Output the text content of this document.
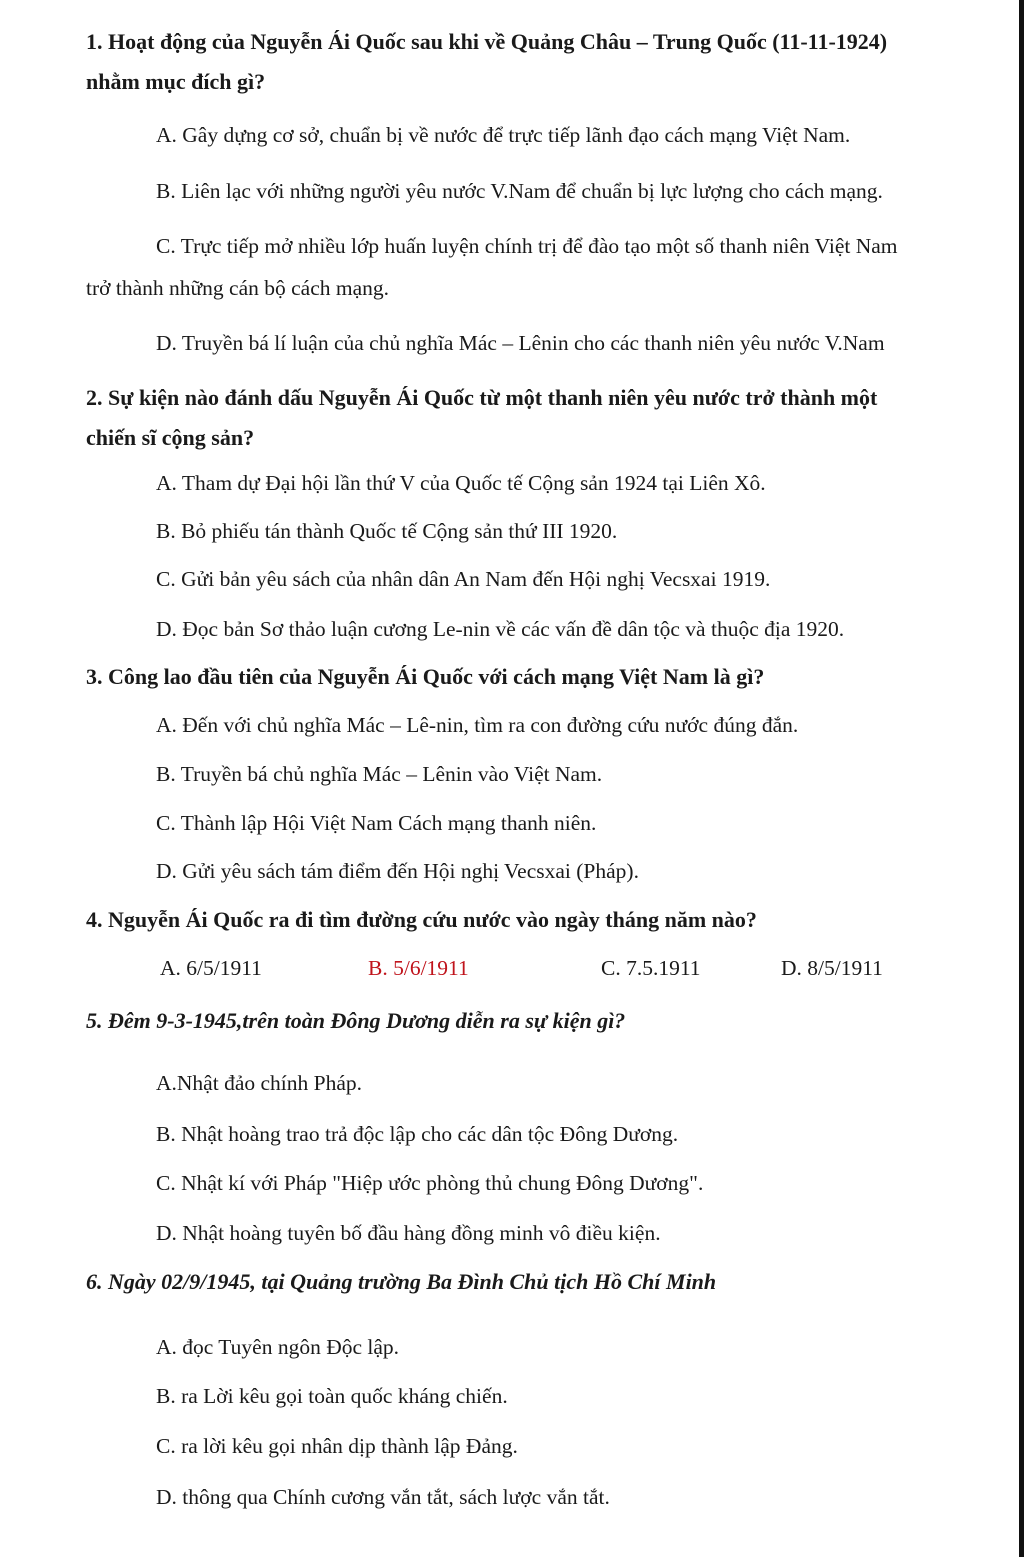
1. Hoạt động của Nguyễn Ái Quốc sau khi về Quảng Châu – Trung Quốc (11-11-1924)
nhằm mục đích gì?
A. Gây dựng cơ sở, chuẩn bị về nước để trực tiếp lãnh đạo cách mạng Việt Nam.
B. Liên lạc với những người yêu nước V.Nam để chuẩn bị lực lượng cho cách mạng.
C. Trực tiếp mở nhiều lớp huấn luyện chính trị để đào tạo một số thanh niên Việt Nam
trở thành những cán bộ cách mạng.
D. Truyền bá lí luận của chủ nghĩa Mác – Lênin cho các thanh niên yêu nước V.Nam
2. Sự kiện nào đánh dấu Nguyễn Ái Quốc từ một thanh niên yêu nước trở thành một
chiến sĩ cộng sản?
A. Tham dự Đại hội lần thứ V của Quốc tế Cộng sản 1924 tại Liên Xô.
B. Bỏ phiếu tán thành Quốc tế Cộng sản thứ III 1920.
C. Gửi bản yêu sách của nhân dân An Nam đến Hội nghị Vecsxai 1919.
D. Đọc bản Sơ thảo luận cương Le-nin về các vấn đề dân tộc và thuộc địa 1920.
3. Công lao đầu tiên của Nguyễn Ái Quốc với cách mạng Việt Nam là gì?
A. Đến với chủ nghĩa Mác – Lê-nin, tìm ra con đường cứu nước đúng đắn.
B. Truyền bá chủ nghĩa Mác – Lênin vào Việt Nam.
C. Thành lập Hội Việt Nam Cách mạng thanh niên.
D. Gửi yêu sách tám điểm đến Hội nghị Vecsxai (Pháp).
4. Nguyễn Ái Quốc ra đi tìm đường cứu nước vào ngày tháng năm nào?
A. 6/5/1911	B. 5/6/1911	C. 7.5.1911	D. 8/5/1911
5. Đêm 9-3-1945,trên toàn Đông Dương diễn ra sự kiện gì?
A.Nhật đảo chính Pháp.
B. Nhật hoàng trao trả độc lập cho các dân tộc Đông Dương.
C. Nhật kí với Pháp "Hiệp ước phòng thủ chung Đông Dương".
D. Nhật hoàng tuyên bố đầu hàng đồng minh vô điều kiện.
6. Ngày 02/9/1945, tại Quảng trường Ba Đình Chủ tịch Hồ Chí Minh
A. đọc Tuyên ngôn Độc lập.
B. ra Lời kêu gọi toàn quốc kháng chiến.
C. ra lời kêu gọi nhân dịp thành lập Đảng.
D. thông qua Chính cương vắn tắt, sách lược vắn tắt.
